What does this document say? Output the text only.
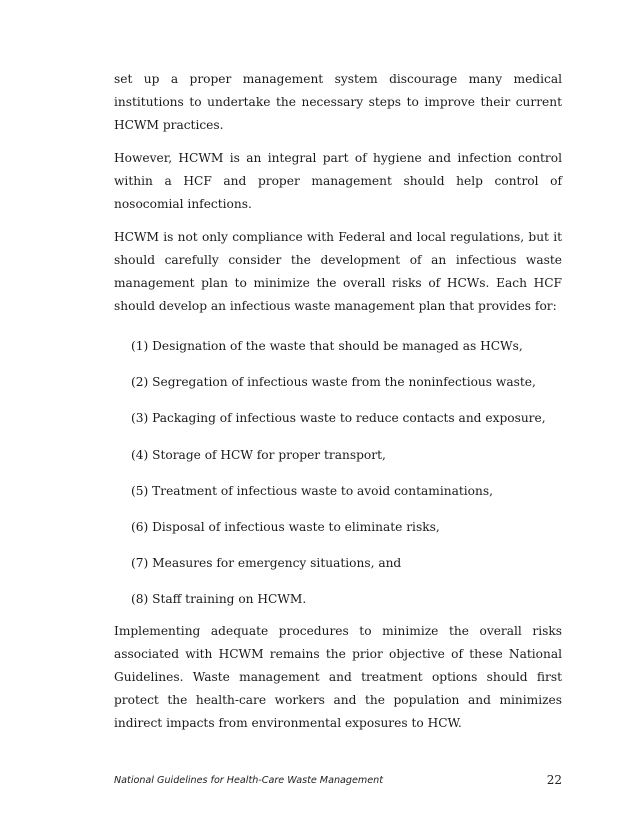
set up a proper management system discourage many medical institutions to undertake the necessary steps to improve their current HCWM practices.

However, HCWM is an integral part of hygiene and infection control within a HCF and proper management should help control of nosocomial infections.

HCWM is not only compliance with Federal and local regulations, but it should carefully consider the development of an infectious waste management plan to minimize the overall risks of HCWs. Each HCF should develop an infectious waste management plan that provides for:

(1) Designation of the waste that should be managed as HCWs,
(2) Segregation of infectious waste from the noninfectious waste,
(3) Packaging of infectious waste to reduce contacts and exposure,
(4) Storage of HCW for proper transport,
(5) Treatment of infectious waste to avoid contaminations,
(6) Disposal of infectious waste to eliminate risks,
(7) Measures for emergency situations, and
(8) Staff training on HCWM.

Implementing adequate procedures to minimize the overall risks associated with HCWM remains the prior objective of these National Guidelines. Waste management and treatment options should first protect the health-care workers and the population and minimizes indirect impacts from environmental exposures to HCW.

National Guidelines for Health-Care Waste Management	22
